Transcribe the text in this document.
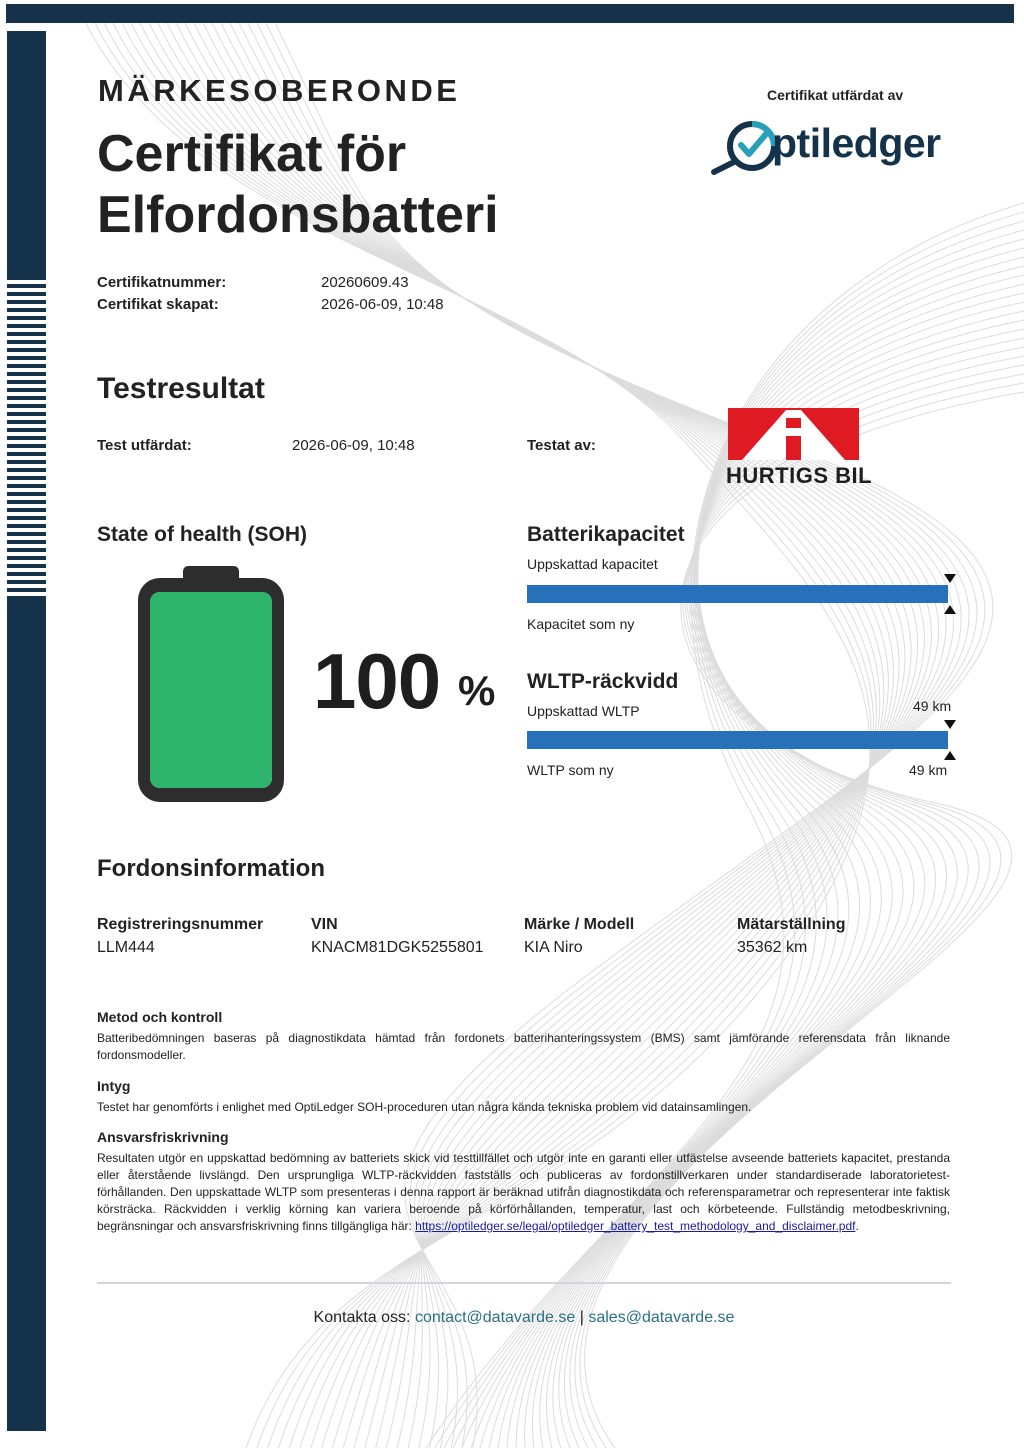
MÄRKESOBERONDE
Certifikat för Elfordonsbatteri
Certifikat utfärdat av
ptiledger
Certifikatnummer:	20260609.43
Certifikat skapat:	2026-06-09, 10:48
Testresultat
Test utfärdat:	2026-06-09, 10:48	Testat av:
HURTIGS BIL
State of health (SOH)
100 %
Batterikapacitet
Uppskattad kapacitet
Kapacitet som ny
WLTP-räckvidd
Uppskattad WLTP	49 km
WLTP som ny	49 km
Fordonsinformation
Registreringsnummer
LLM444
VIN
KNACM81DGK5255801
Märke / Modell
KIA Niro
Mätarställning
35362 km
Metod och kontroll
Batteribedömningen baseras på diagnostikdata hämtad från fordonets batterihanteringssystem (BMS) samt jämförande referensdata från liknande fordonsmodeller.
Intyg
Testet har genomförts i enlighet med OptiLedger SOH-proceduren utan några kända tekniska problem vid datainsamlingen.
Ansvarsfriskrivning
Resultaten utgör en uppskattad bedömning av batteriets skick vid testtillfället och utgör inte en garanti eller utfästelse avseende batteriets kapacitet, prestanda eller återstående livslängd. Den ursprungliga WLTP-räckvidden fastställs och publiceras av fordonstillverkaren under standardiserade laboratorietest-förhållanden. Den uppskattade WLTP som presenteras i denna rapport är beräknad utifrån diagnostikdata och referensparametrar och representerar inte faktisk körsträcka. Räckvidden i verklig körning kan variera beroende på körförhållanden, temperatur, last och körbeteende. Fullständig metodbeskrivning, begränsningar och ansvarsfriskrivning finns tillgängliga här: https://optiledger.se/legal/optiledger_battery_test_methodology_and_disclaimer.pdf.
Kontakta oss: contact@datavarde.se | sales@datavarde.se
